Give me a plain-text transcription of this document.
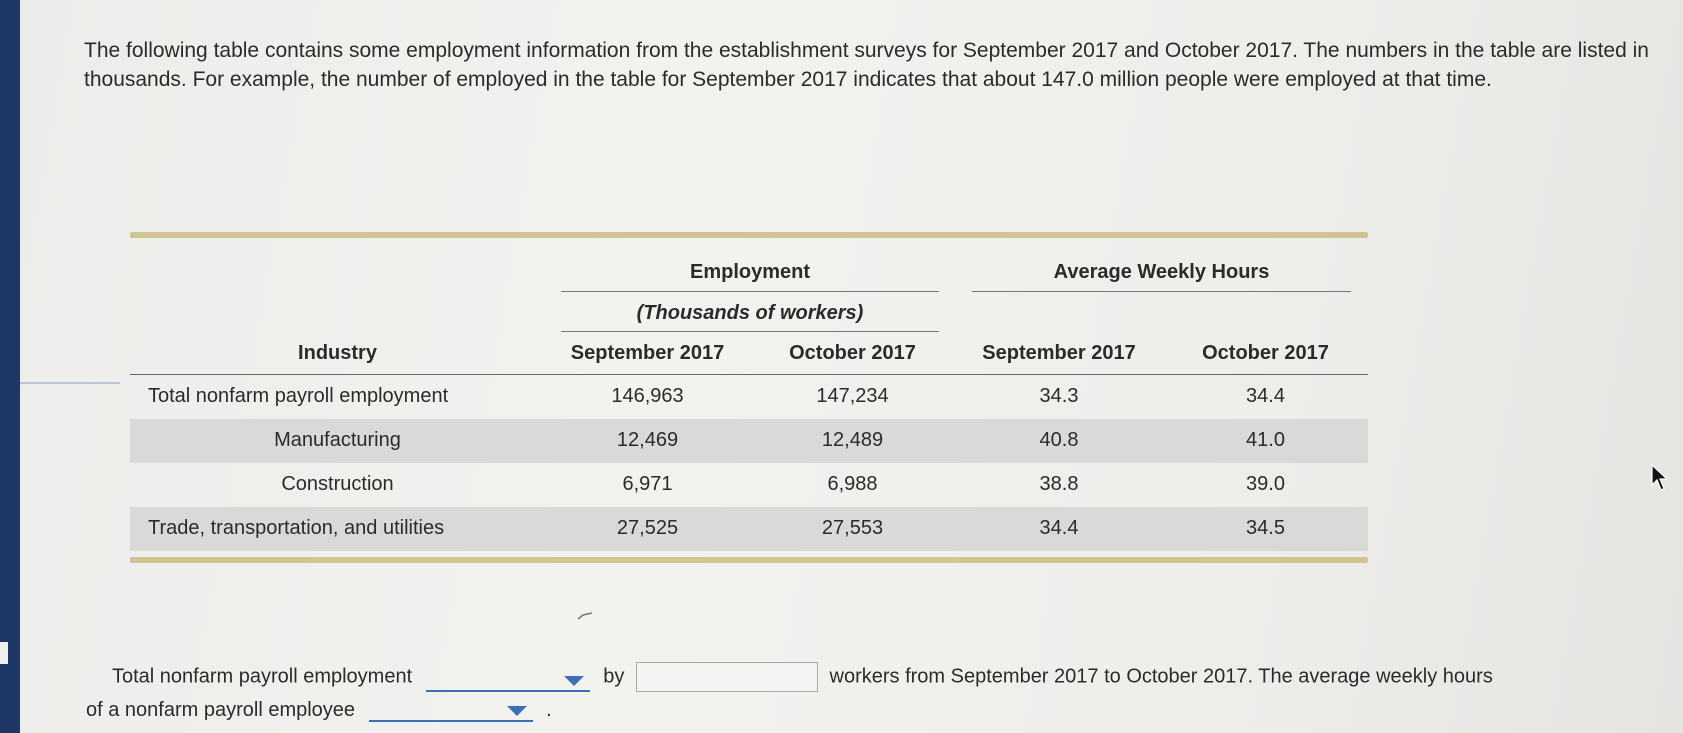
The following table contains some employment information from the establishment surveys for September 2017 and October 2017. The numbers in the table are listed in thousands. For example, the number of employed in the table for September 2017 indicates that about 147.0 million people were employed at that time.

	Employment		Average Weekly Hours	
	(Thousands of workers)			
Industry	September 2017	October 2017	September 2017	October 2017
Total nonfarm payroll employment	146,963	147,234	34.3	34.4
Manufacturing	12,469	12,489	40.8	41.0
Construction	6,971	6,988	38.8	39.0
Trade, transportation, and utilities	27,525	27,553	34.4	34.5
Total nonfarm payroll employment	by	workers from September 2017 to October 2017. The average weekly hours
of a nonfarm payroll employee	.
